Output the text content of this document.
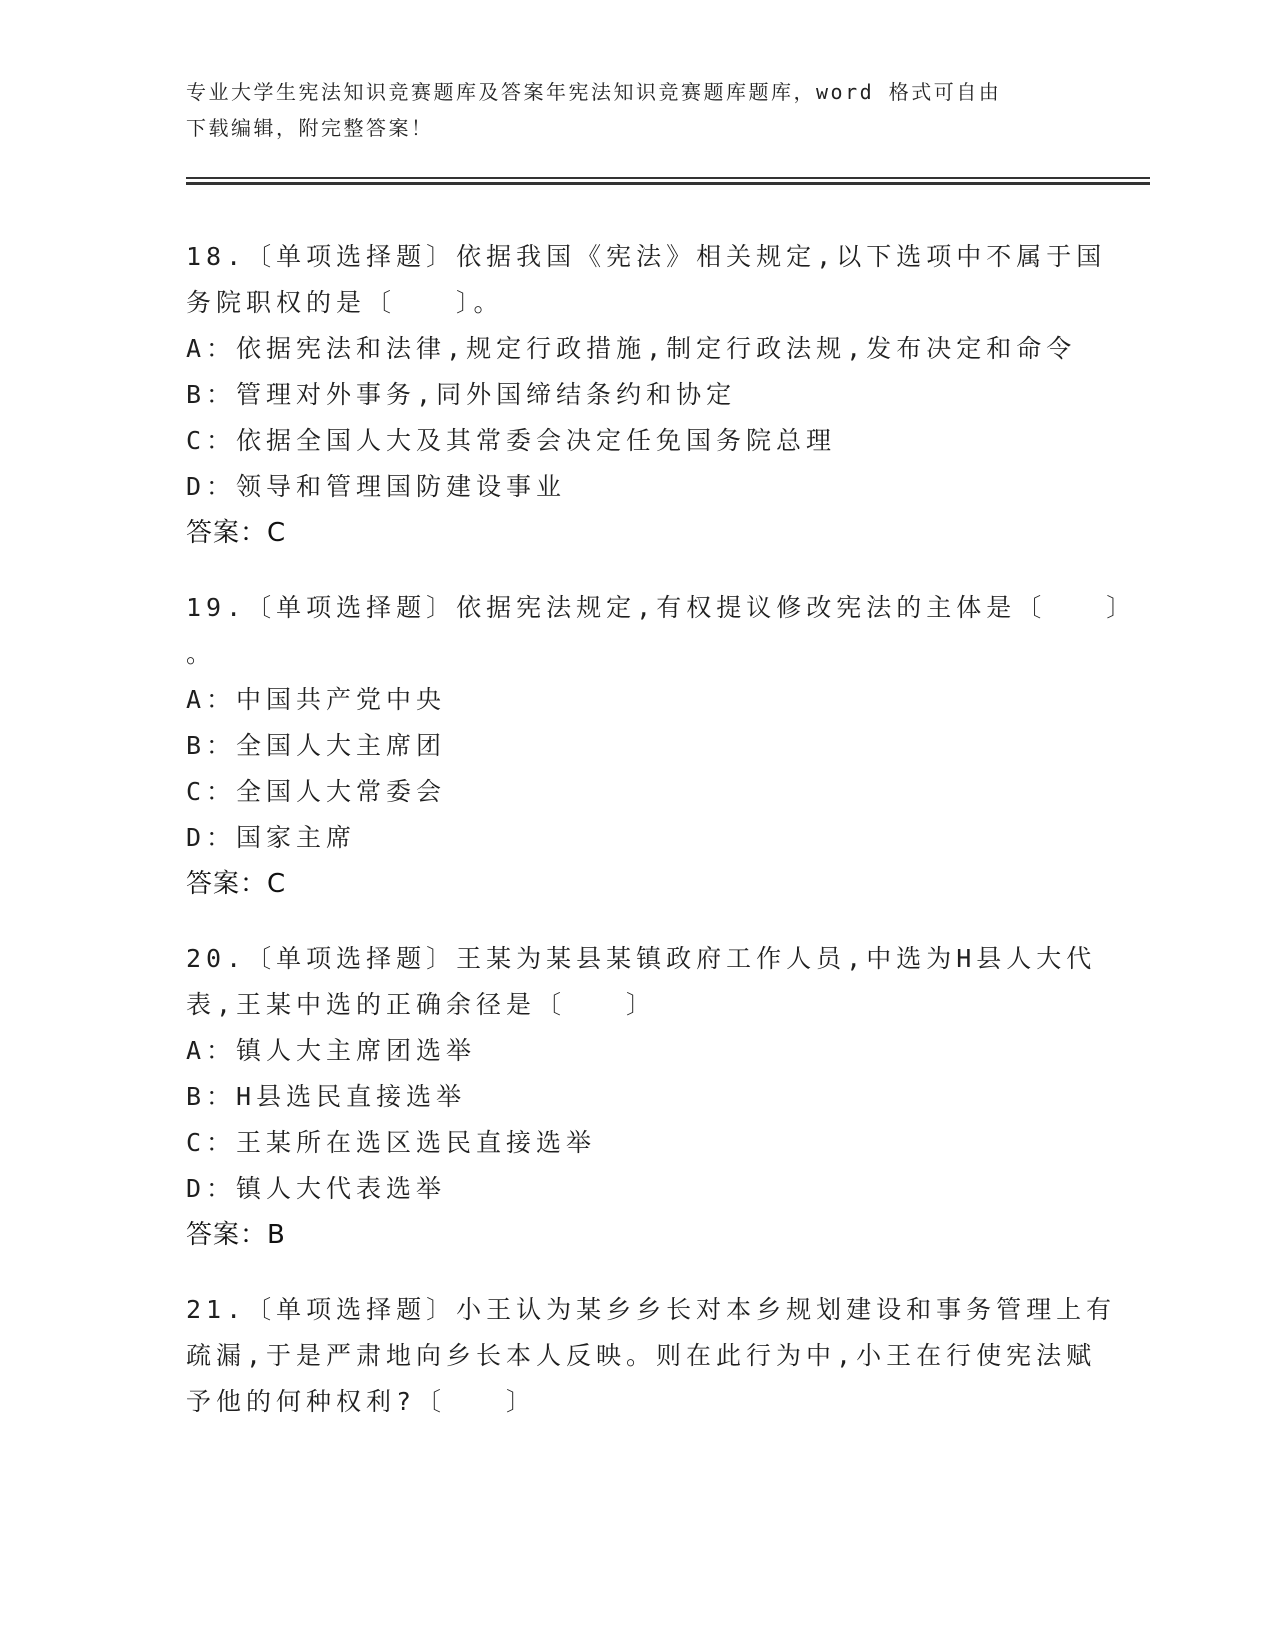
专业大学生宪法知识竞赛题库及答案年宪法知识竞赛题库题库，word 格式可自由
下载编辑，附完整答案！
18.〔单项选择题〕依据我国《宪法》相关规定,以下选项中不属于国
务院职权的是〔　　〕。
A：依据宪法和法律,规定行政措施,制定行政法规,发布决定和命令
B：管理对外事务,同外国缔结条约和协定
C：依据全国人大及其常委会决定任免国务院总理
D：领导和管理国防建设事业
答案：C
19.〔单项选择题〕依据宪法规定,有权提议修改宪法的主体是〔　　〕
。
A：中国共产党中央
B：全国人大主席团
C：全国人大常委会
D：国家主席
答案：C
20.〔单项选择题〕王某为某县某镇政府工作人员,中选为H县人大代
表,王某中选的正确余径是〔　　〕
A：镇人大主席团选举
B：H县选民直接选举
C：王某所在选区选民直接选举
D：镇人大代表选举
答案：B
21.〔单项选择题〕小王认为某乡乡长对本乡规划建设和事务管理上有
疏漏,于是严肃地向乡长本人反映。则在此行为中,小王在行使宪法赋
予他的何种权利?〔　　〕
